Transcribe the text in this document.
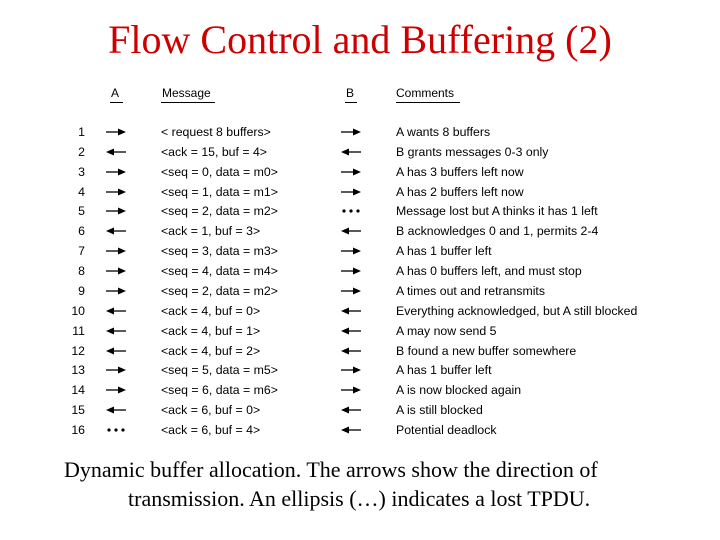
Flow Control and Buffering (2)
A	Message	B	Comments
1	< request 8 buffers>	A wants 8 buffers
2	<ack = 15, buf = 4>	B grants messages 0-3 only
3	<seq = 0, data = m0>	A has 3 buffers left now
4	<seq = 1, data = m1>	A has 2 buffers left now
5	<seq = 2, data = m2>	Message lost but A thinks it has 1 left
6	<ack = 1, buf = 3>	B acknowledges 0 and 1, permits 2-4
7	<seq = 3, data = m3>	A has 1 buffer left
8	<seq = 4, data = m4>	A has 0 buffers left, and must stop
9	<seq = 2, data = m2>	A times out and retransmits
10	<ack = 4, buf = 0>	Everything acknowledged, but A still blocked
11	<ack = 4, buf = 1>	A may now send 5
12	<ack = 4, buf = 2>	B found a new buffer somewhere
13	<seq = 5, data = m5>	A has 1 buffer left
14	<seq = 6, data = m6>	A is now blocked again
15	<ack = 6, buf = 0>	A is still blocked
16	<ack = 6, buf = 4>	Potential deadlock
Dynamic buffer allocation. The arrows show the direction of
transmission. An ellipsis (…) indicates a lost TPDU.
